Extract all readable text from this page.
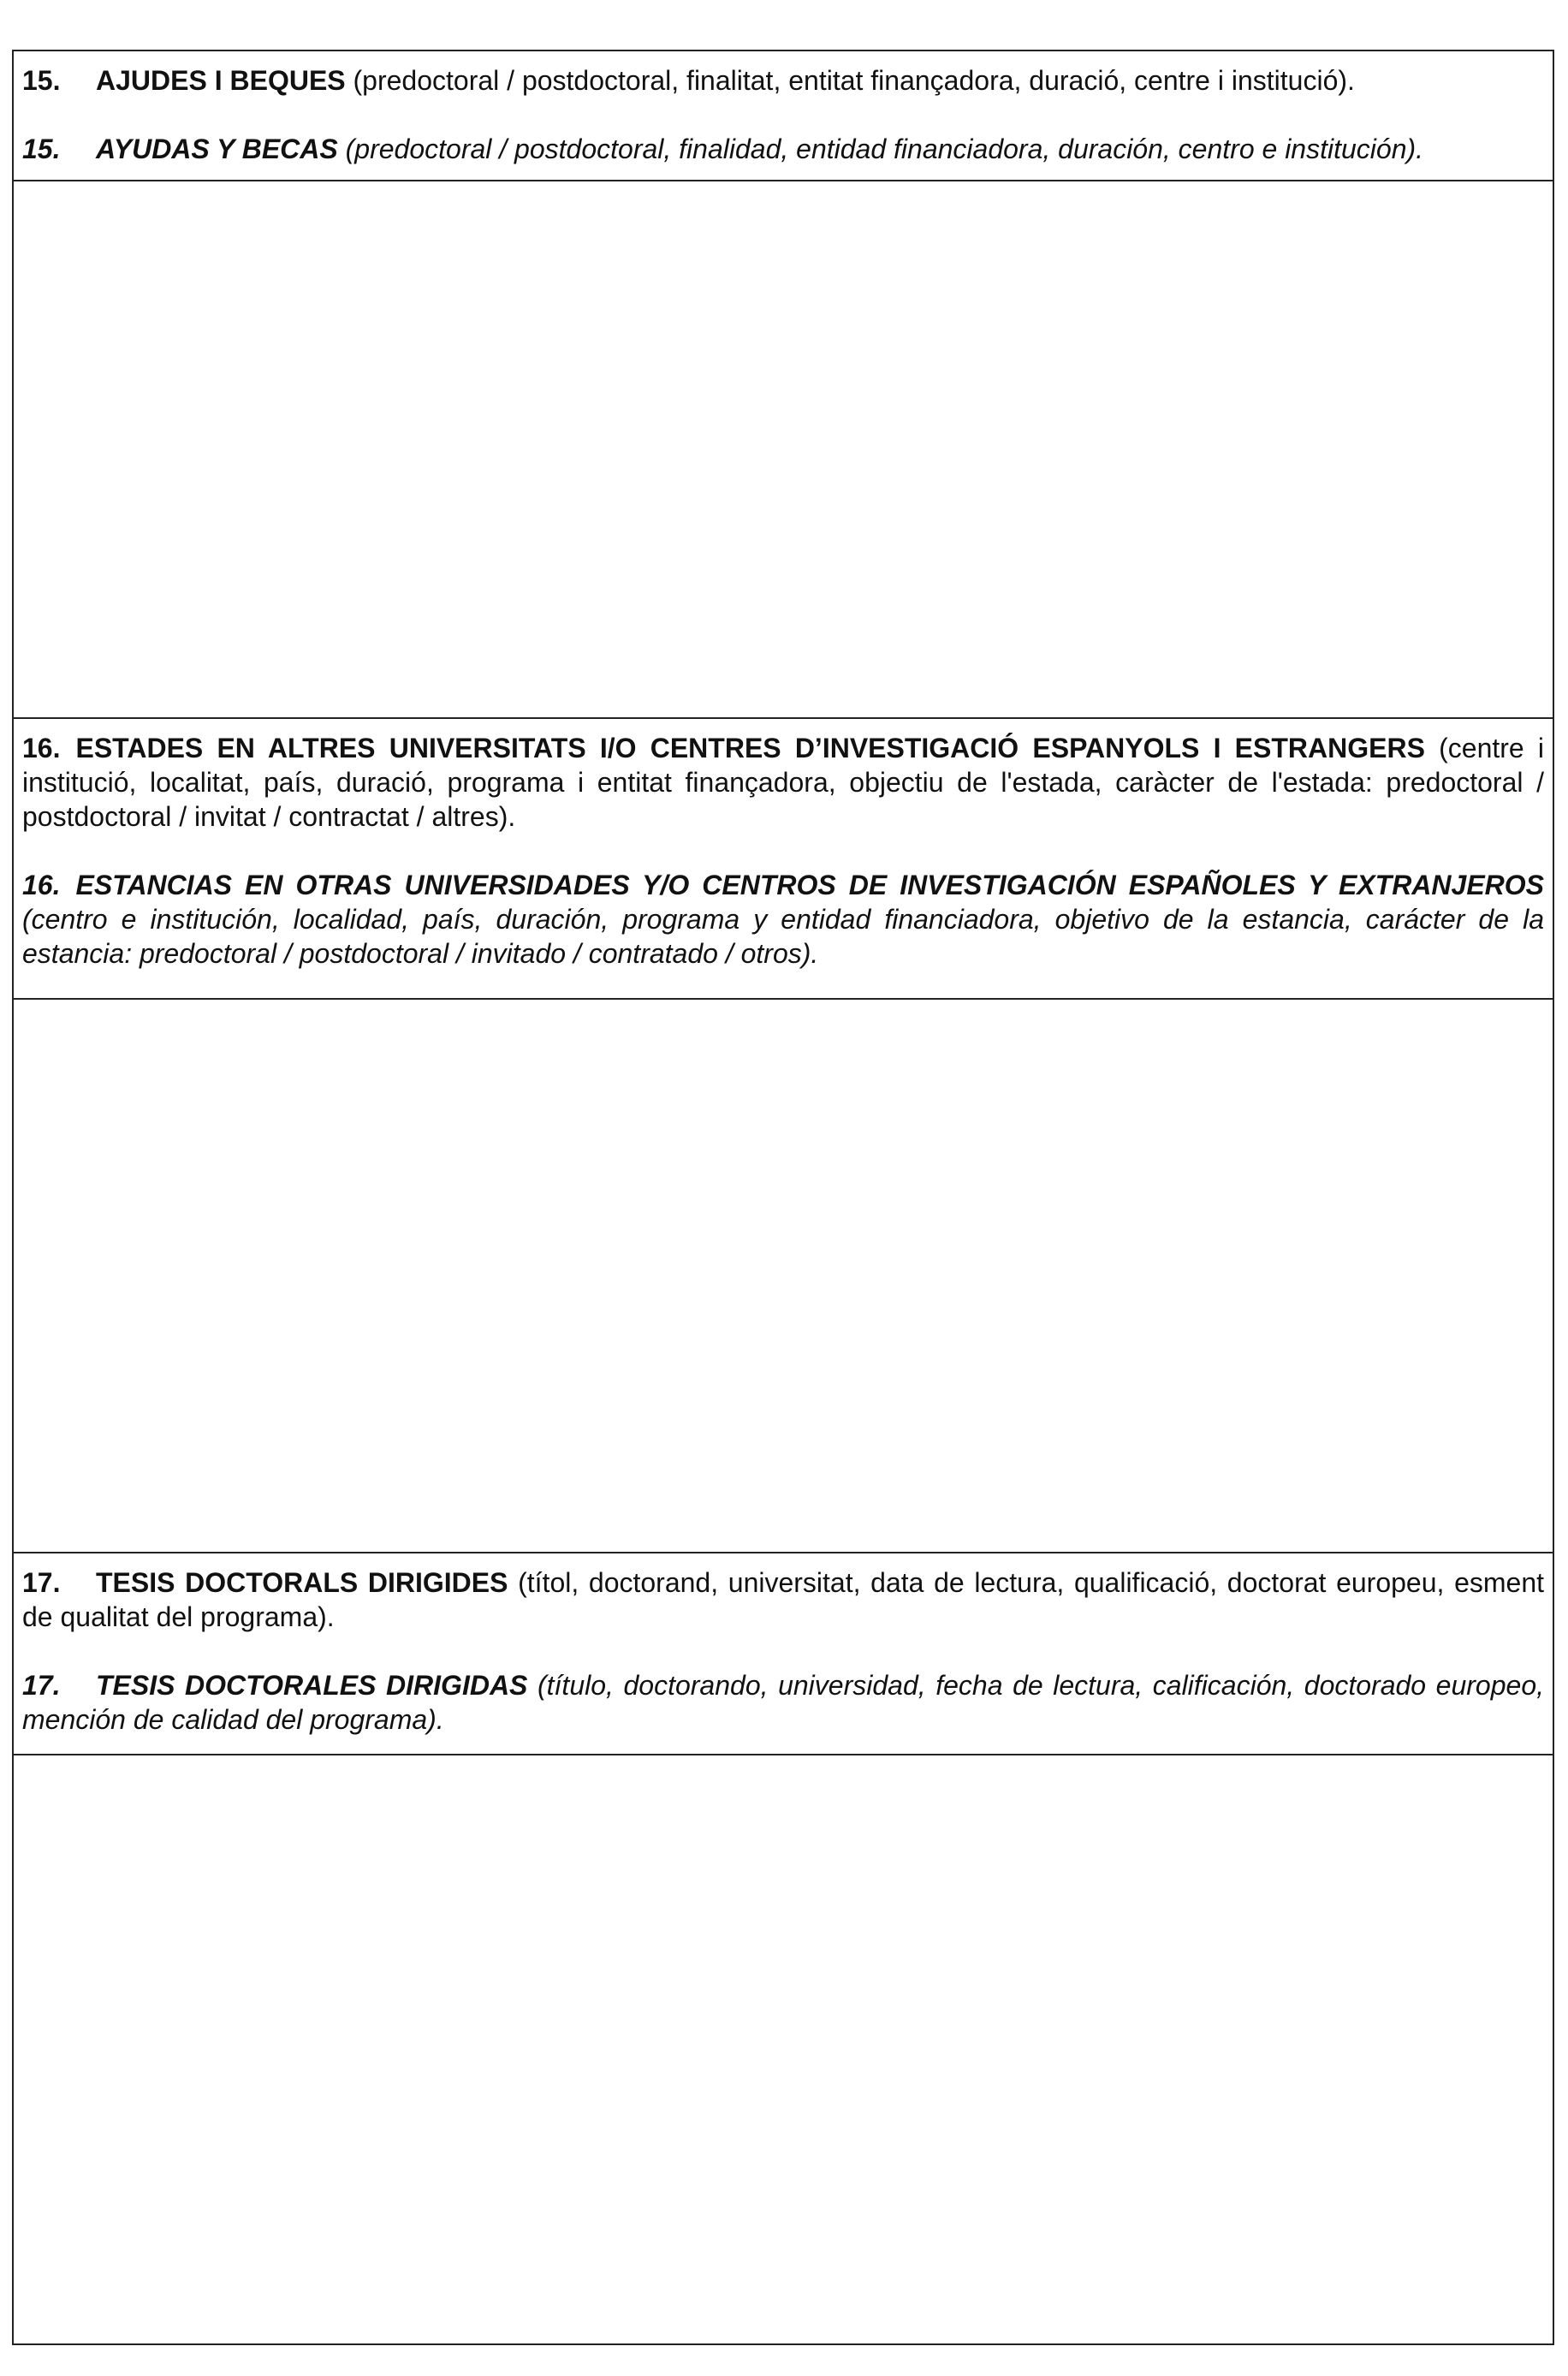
15. AJUDES I BEQUES (predoctoral / postdoctoral, finalitat, entitat finançadora, duració, centre i institució).

15. AYUDAS Y BECAS (predoctoral / postdoctoral, finalidad, entidad financiadora, duración, centro e institución).

16. ESTADES EN ALTRES UNIVERSITATS I/O CENTRES D’INVESTIGACIÓ ESPANYOLS I ESTRANGERS (centre i institució, localitat, país, duració, programa i entitat finançadora, objectiu de l'estada, caràcter de l'estada: predoctoral / postdoctoral / invitat / contractat / altres).

16. ESTANCIAS EN OTRAS UNIVERSIDADES Y/O CENTROS DE INVESTIGACIÓN ESPAÑOLES Y EXTRANJEROS (centro e institución, localidad, país, duración, programa y entidad financiadora, objetivo de la estancia, carácter de la estancia: predoctoral / postdoctoral / invitado / contratado / otros).

17. TESIS DOCTORALS DIRIGIDES (títol, doctorand, universitat, data de lectura, qualificació, doctorat europeu, esment de qualitat del programa).

17. TESIS DOCTORALES DIRIGIDAS (título, doctorando, universidad, fecha de lectura, calificación, doctorado europeo, mención de calidad del programa).
